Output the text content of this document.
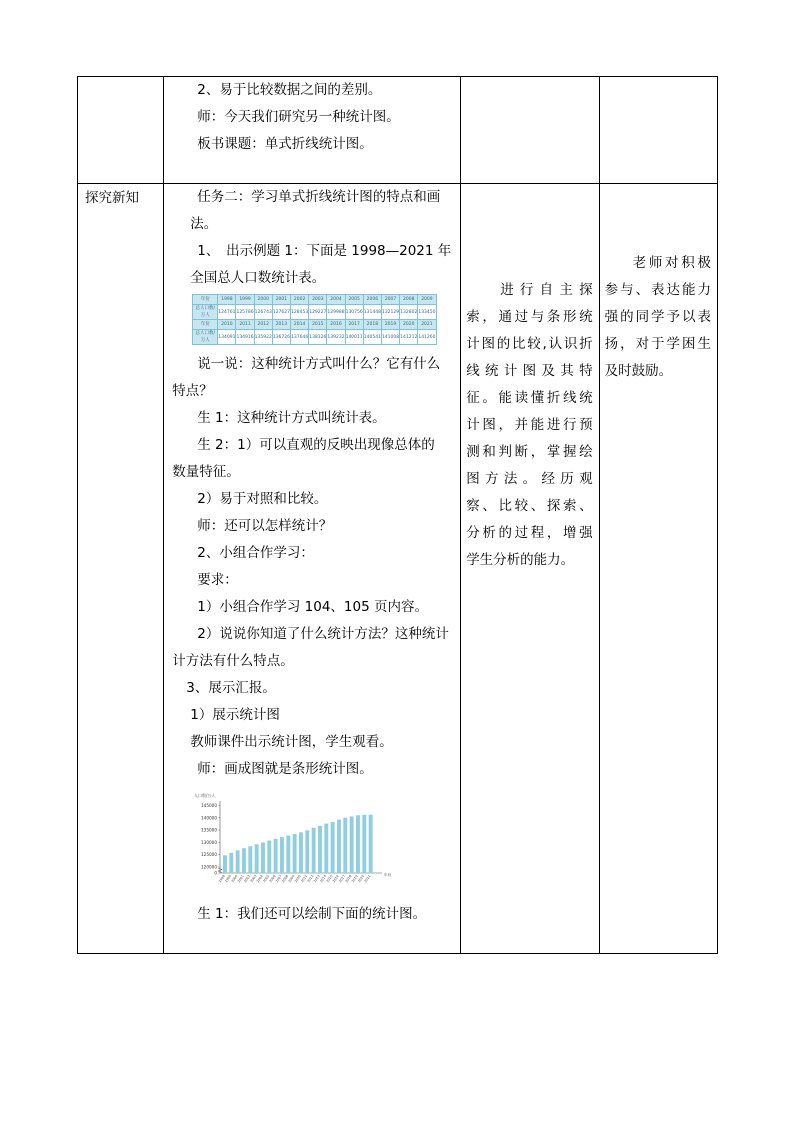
2、易于比较数据之间的差别。
师：今天我们研究另一种统计图。
板书课题：单式折线统计图。

探究新知	任务二：学习单式折线统计图的特点和画
法。
1、　出示例题 1：下面是 1998—2021 年
全国总人口数统计表。
年份	1998	1999	2000	2001	2002	2003	2004	2005	2006	2007	2008	2009
总人口数/万人	124761	125786	126743	127627	128453	129227	129988	130756	131448	132129	132802	133450
年份	2010	2011	2012	2013	2014	2015	2016	2017	2018	2019	2020	2021
总人口数/万人	134091	134916	135922	136726	137646	138326	139232	140011	140541	141008	141212	141260
说一说：这种统计方式叫什么？它有什么
特点？
生 1：这种统计方式叫统计表。
生 2：1）可以直观的反映出现像总体的
数量特征。
2）易于对照和比较。
师：还可以怎样统计？
2、小组合作学习：
要求：
1）小组合作学习 104、105 页内容。
2）说说你知道了什么统计方法？这种统计
计方法有什么特点。
3、展示汇报。
1）展示统计图
教师课件出示统计图，学生观看。
师：画成图就是条形统计图。
人口数/万人
0
120000
125000
130000
135000
140000
145000
1998
1999
2000
2001
2002
2003
2004
2005
2006
2007
2008
2009
2010
2011
2012
2013
2014
2015
2016
2017
2018
2019
2020
2021	年份
生 1：我们还可以绘制下面的统计图。

进行自主探
索，通过与条形统
计图的比较,认识折
线统计图及其特
征。能读懂折线统
计图，并能进行预
测和判断，掌握绘
图方法。经历观
察、比较、探索、
分析的过程，增强
学生分析的能力。

老师对积极
参与、表达能力
强的同学予以表
扬，对于学困生
及时鼓励。
